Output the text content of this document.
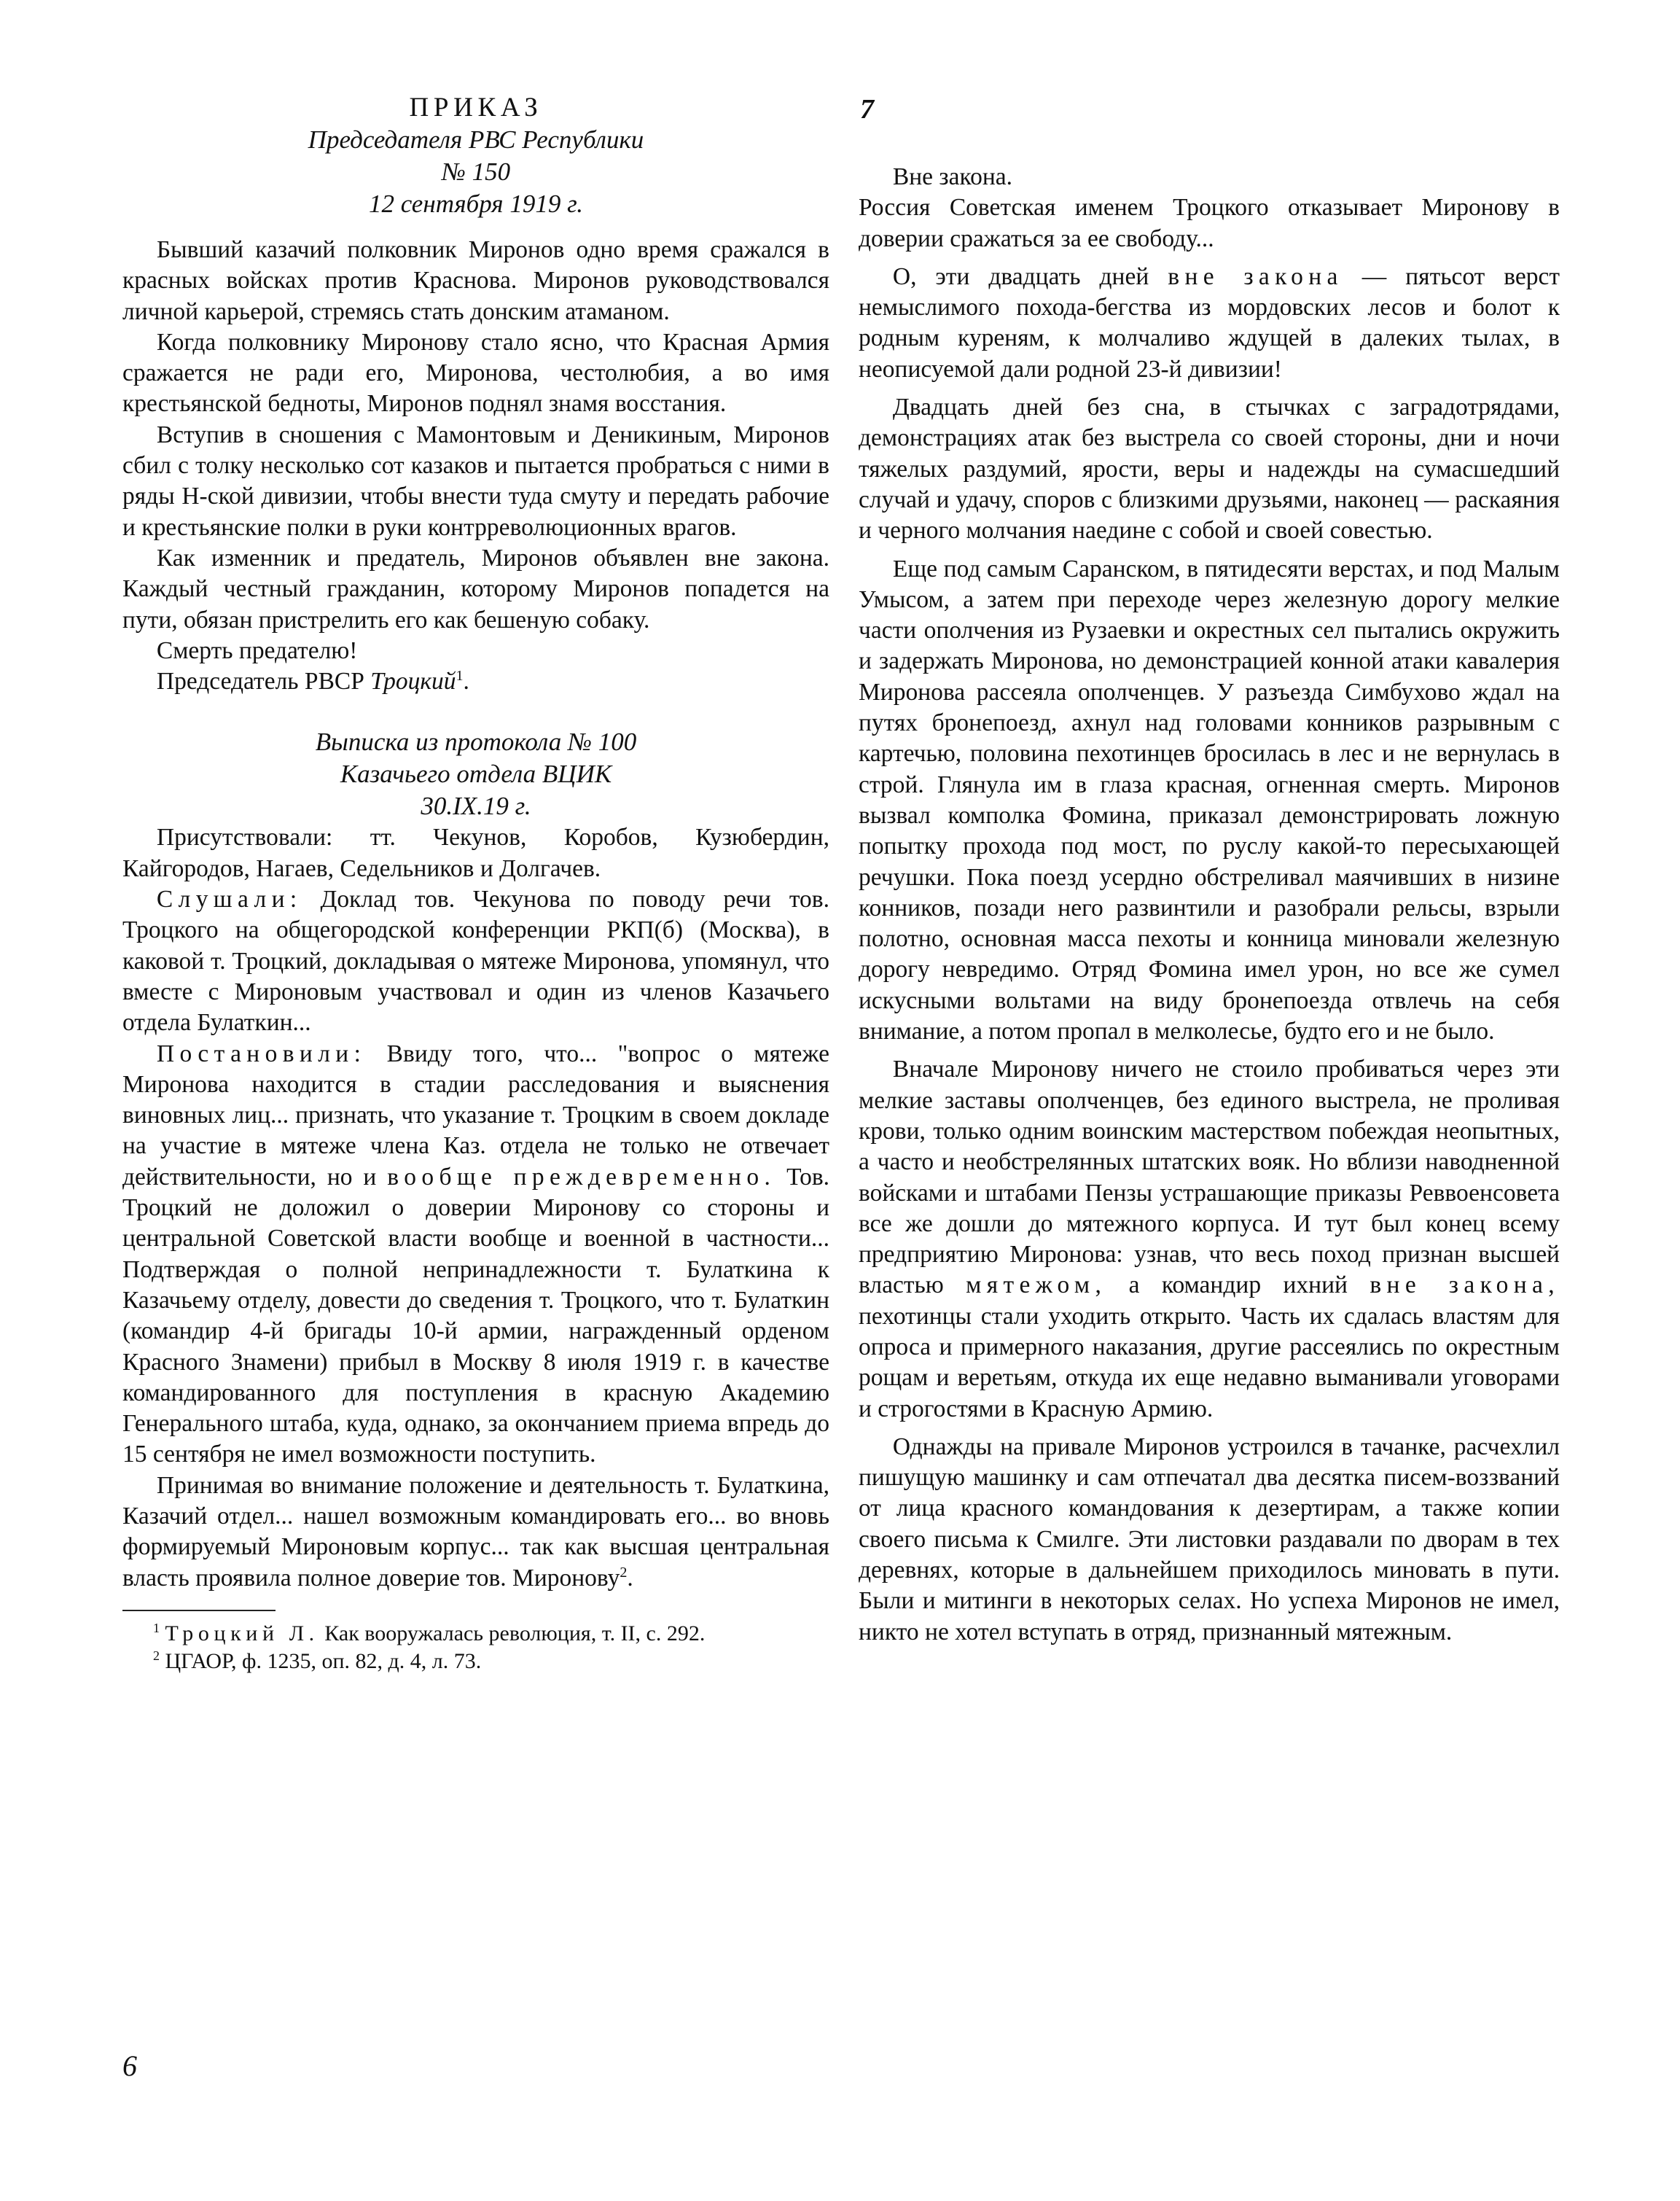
ПРИКАЗ
Председателя РВС Республики
№ 150
12 сентября 1919 г.

Бывший казачий полковник Миронов одно время сражался в красных войсках против Краснова. Миронов руководствовался личной карьерой, стремясь стать донским атаманом.

Когда полковнику Миронову стало ясно, что Красная Армия сражается не ради его, Миронова, честолюбия, а во имя крестьянской бедноты, Миронов поднял знамя восстания.

Вступив в сношения с Мамонтовым и Деникиным, Миронов сбил с толку несколько сот казаков и пытается пробраться с ними в ряды Н-ской дивизии, чтобы внести туда смуту и передать рабочие и крестьянские полки в руки контрреволюционных врагов.

Как изменник и предатель, Миронов объявлен вне закона. Каждый честный гражданин, которому Миронов попадется на пути, обязан пристрелить его как бешеную собаку.

Смерть предателю!

Председатель РВСР Троцкий$^1$.

Выписка из протокола № 100
Казачьего отдела ВЦИК
30.IX.19 г.

Присутствовали: тт. Чекунов, Коробов, Кузюбердин, Кайгородов, Нагаев, Седельников и Долгачев.

Слушали: Доклад тов. Чекунова по поводу речи тов. Троцкого на общегородской конференции РКП(б) (Москва), в каковой т. Троцкий, докладывая о мятеже Миронова, упомянул, что вместе с Мироновым участвовал и один из членов Казачьего отдела Булаткин...

Постановили: Ввиду того, что... "вопрос о мятеже Миронова находится в стадии расследования и выяснения виновных лиц... признать, что указание т. Троцким в своем докладе на участие в мятеже члена Каз. отдела не только не отвечает действительности, но и вообще преждевременно. Тов. Троцкий не доложил о доверии Миронову со стороны и центральной Советской власти вообще и военной в частности... Подтверждая о полной непринадлежности т. Булаткина к Казачьему отделу, довести до сведения т. Троцкого, что т. Булаткин (командир 4-й бригады 10-й армии, награжденный орденом Красного Знамени) прибыл в Москву 8 июля 1919 г. в качестве командированного для поступления в красную Академию Генерального штаба, куда, однако, за окончанием приема впредь до 15 сентября не имел возможности поступить.

Принимая во внимание положение и деятельность т. Булаткина, Казачий отдел... нашел возможным командировать его... во вновь формируемый Мироновым корпус... так как высшая центральная власть проявила полное доверие тов. Миронову$^2$.

$^1$ Троцкий Л. Как вооружалась революция, т. II, с. 292.

$^2$ ЦГАОР, ф. 1235, оп. 82, д. 4, л. 73.

7

Вне закона.

Россия Советская именем Троцкого отказывает Миронову в доверии сражаться за ее свободу...

О, эти двадцать дней вне закона — пятьсот верст немыслимого похода-бегства из мордовских лесов и болот к родным куреням, к молчаливо ждущей в далеких тылах, в неописуемой дали родной 23-й дивизии!

Двадцать дней без сна, в стычках с заградотрядами, демонстрациях атак без выстрела со своей стороны, дни и ночи тяжелых раздумий, ярости, веры и надежды на сумасшедший случай и удачу, споров с близкими друзьями, наконец — раскаяния и черного молчания наедине с собой и своей совестью.

Еще под самым Саранском, в пятидесяти верстах, и под Малым Умысом, а затем при переходе через железную дорогу мелкие части ополчения из Рузаевки и окрестных сел пытались окружить и задержать Миронова, но демонстрацией конной атаки кавалерия Миронова рассеяла ополченцев. У разъезда Симбухово ждал на путях бронепоезд, ахнул над головами конников разрывным с картечью, половина пехотинцев бросилась в лес и не вернулась в строй. Глянула им в глаза красная, огненная смерть. Миронов вызвал комполка Фомина, приказал демонстрировать ложную попытку прохода под мост, по руслу какой-то пересыхающей речушки. Пока поезд усердно обстреливал маячивших в низине конников, позади него развинтили и разобрали рельсы, взрыли полотно, основная масса пехоты и конница миновали железную дорогу невредимо. Отряд Фомина имел урон, но все же сумел искусными вольтами на виду бронепоезда отвлечь на себя внимание, а потом пропал в мелколесье, будто его и не было.

Вначале Миронову ничего не стоило пробиваться через эти мелкие заставы ополченцев, без единого выстрела, не проливая крови, только одним воинским мастерством побеждая неопытных, а часто и необстрелянных штатских вояк. Но вблизи наводненной войсками и штабами Пензы устрашающие приказы Реввоенсовета все же дошли до мятежного корпуса. И тут был конец всему предприятию Миронова: узнав, что весь поход признан высшей властью мятежом, а командир ихний вне закона, пехотинцы стали уходить открыто. Часть их сдалась властям для опроса и примерного наказания, другие рассеялись по окрестным рощам и веретьям, откуда их еще недавно выманивали уговорами и строгостями в Красную Армию.

Однажды на привале Миронов устроился в тачанке, расчехлил пишущую машинку и сам отпечатал два десятка писем-воззваний от лица красного командования к дезертирам, а также копии своего письма к Смилге. Эти листовки раздавали по дворам в тех деревнях, которые в дальнейшем приходилось миновать в пути. Были и митинги в некоторых селах. Но успеха Миронов не имел, никто не хотел вступать в отряд, признанный мятежным.

6
